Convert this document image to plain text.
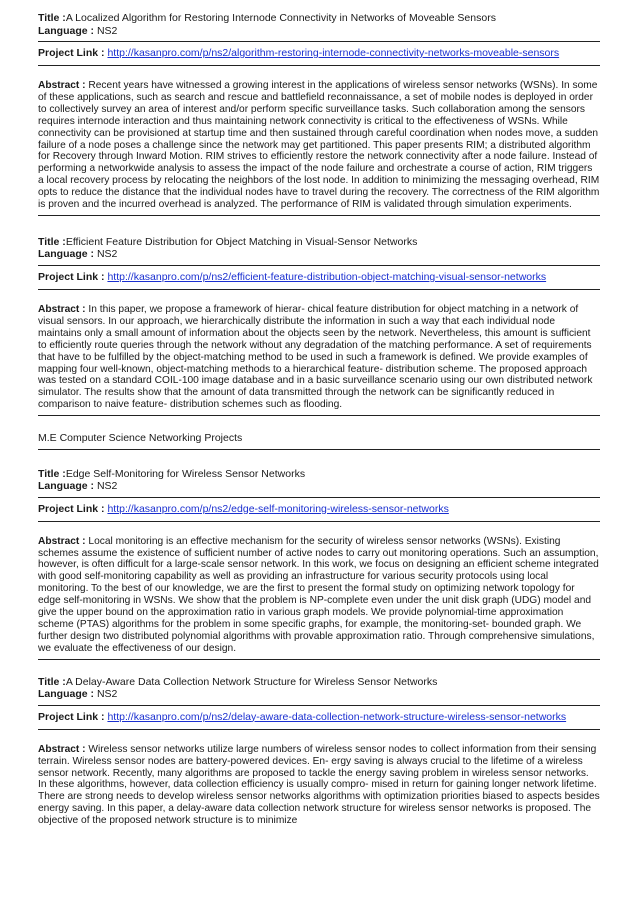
Title :A Localized Algorithm for Restoring Internode Connectivity in Networks of Moveable Sensors
Language : NS2
Project Link : http://kasanpro.com/p/ns2/algorithm-restoring-internode-connectivity-networks-moveable-sensors

Abstract : Recent years have witnessed a growing interest in the applications of wireless sensor networks (WSNs). In some of these applications, such as search and rescue and battlefield reconnaissance, a set of mobile nodes is deployed in order to collectively survey an area of interest and/or perform specific surveillance tasks. Such collaboration among the sensors requires internode interaction and thus maintaining network connectivity is critical to the effectiveness of WSNs. While connectivity can be provisioned at startup time and then sustained through careful coordination when nodes move, a sudden failure of a node poses a challenge since the network may get partitioned. This paper presents RIM; a distributed algorithm for Recovery through Inward Motion. RIM strives to efficiently restore the network connectivity after a node failure. Instead of performing a networkwide analysis to assess the impact of the node failure and orchestrate a course of action, RIM triggers a local recovery process by relocating the neighbors of the lost node. In addition to minimizing the messaging overhead, RIM opts to reduce the distance that the individual nodes have to travel during the recovery. The correctness of the RIM algorithm is proven and the incurred overhead is analyzed. The performance of RIM is validated through simulation experiments.

Title :Efficient Feature Distribution for Object Matching in Visual-Sensor Networks
Language : NS2
Project Link : http://kasanpro.com/p/ns2/efficient-feature-distribution-object-matching-visual-sensor-networks

Abstract : In this paper, we propose a framework of hierar- chical feature distribution for object matching in a network of visual sensors. In our approach, we hierarchically distribute the information in such a way that each individual node maintains only a small amount of information about the objects seen by the network. Nevertheless, this amount is sufficient to efficiently route queries through the network without any degradation of the matching performance. A set of requirements that have to be fulfilled by the object-matching method to be used in such a framework is defined. We provide examples of mapping four well-known, object-matching methods to a hierarchical feature- distribution scheme. The proposed approach was tested on a standard COIL-100 image database and in a basic surveillance scenario using our own distributed network simulator. The results show that the amount of data transmitted through the network can be significantly reduced in comparison to naive feature- distribution schemes such as flooding.

M.E Computer Science Networking Projects
Title :Edge Self-Monitoring for Wireless Sensor Networks
Language : NS2
Project Link : http://kasanpro.com/p/ns2/edge-self-monitoring-wireless-sensor-networks

Abstract : Local monitoring is an effective mechanism for the security of wireless sensor networks (WSNs). Existing schemes assume the existence of sufficient number of active nodes to carry out monitoring operations. Such an assumption, however, is often difficult for a large-scale sensor network. In this work, we focus on designing an efficient scheme integrated with good self-monitoring capability as well as providing an infrastructure for various security protocols using local monitoring. To the best of our knowledge, we are the first to present the formal study on optimizing network topology for edge self-monitoring in WSNs. We show that the problem is NP-complete even under the unit disk graph (UDG) model and give the upper bound on the approximation ratio in various graph models. We provide polynomial-time approximation scheme (PTAS) algorithms for the problem in some specific graphs, for example, the monitoring-set- bounded graph. We further design two distributed polynomial algorithms with provable approximation ratio. Through comprehensive simulations, we evaluate the effectiveness of our design.

Title :A Delay-Aware Data Collection Network Structure for Wireless Sensor Networks
Language : NS2
Project Link : http://kasanpro.com/p/ns2/delay-aware-data-collection-network-structure-wireless-sensor-networks

Abstract : Wireless sensor networks utilize large numbers of wireless sensor nodes to collect information from their sensing terrain. Wireless sensor nodes are battery-powered devices. En- ergy saving is always crucial to the lifetime of a wireless sensor network. Recently, many algorithms are proposed to tackle the energy saving problem in wireless sensor networks. In these algorithms, however, data collection efficiency is usually compro- mised in return for gaining longer network lifetime. There are strong needs to develop wireless sensor networks algorithms with optimization priorities biased to aspects besides energy saving. In this paper, a delay-aware data collection network structure for wireless sensor networks is proposed. The objective of the proposed network structure is to minimize
